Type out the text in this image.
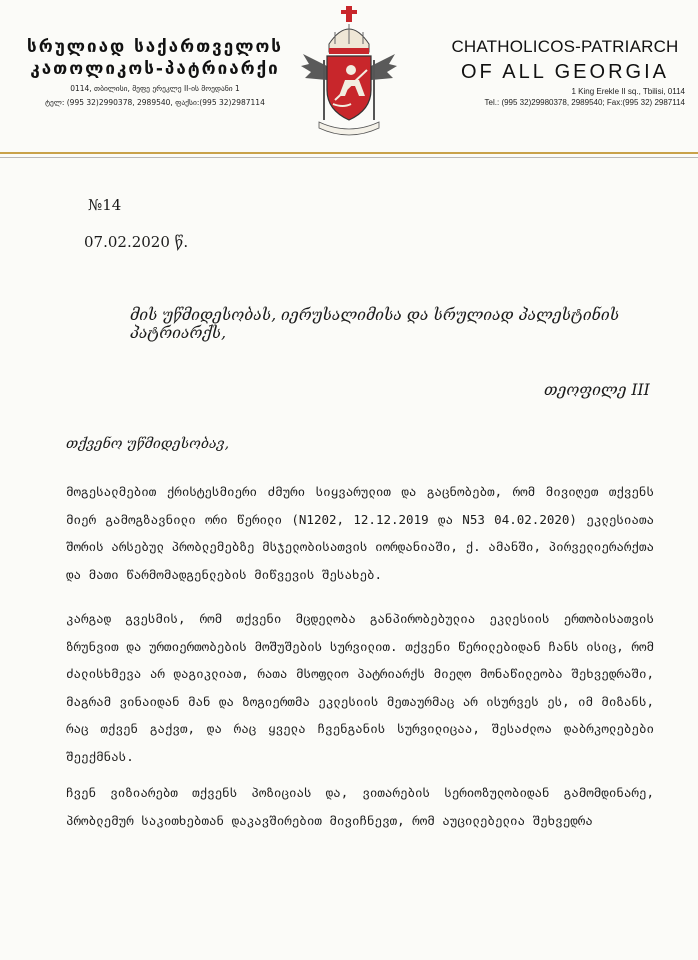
სრულიად საქართველოს
კათოლიკოს-პატრიარქი
0114, თბილისი, მეფე ერეკლე II-ის მოედანი 1
ტელ: (995 32)2990378, 2989540, ფაქსი:(995 32)2987114
CHATHOLICOS-PATRIARCH
OF ALL GEORGIA
1 King Erekle II sq., Tbilisi, 0114
Tel.: (995 32)29980378, 2989540; Fax:(995 32) 2987114
№14
07.02.2020 წ.
მის უწმიდესობას, იერუსალიმისა და სრულიად პალესტინის პატრიარქს,
თეოფილე III
თქვენო უწმიდესობავ,
მოგესალმებით ქრისტესმიერი ძმური სიყვარულით და გაცნობებთ, რომ მივიღეთ თქვენს მიერ გამოგზავნილი ორი წერილი (N1202, 12.12.2019 და N53 04.02.2020) ეკლესიათა შორის არსებულ პრობლემებზე მსჯელობისათვის იორდანიაში, ქ. ამანში, პირველიერარქთა და მათი წარმომადგენლების მიწვევის შესახებ.
კარგად გვესმის, რომ თქვენი მცდელობა განპირობებულია ეკლესიის ერთობისათვის ზრუნვით და ურთიერთობების მოშუშების სურვილით. თქვენი წერილებიდან ჩანს ისიც, რომ ძალისხმევა არ დაგიკლიათ, რათა მსოფლიო პატრიარქს მიეღო მონაწილეობა შეხვედრაში, მაგრამ ვინაიდან მან და ზოგიერთმა ეკლესიის მეთაურმაც არ ისურვეს ეს, იმ მიზანს, რაც თქვენ გაქვთ, და რაც ყველა ჩვენგანის სურვილიცაა, შესაძლოა დაბრკოლებები შეექმნას.
ჩვენ ვიზიარებთ თქვენს პოზიციას და, ვითარების სერიოზულობიდან გამომდინარე, პრობლემურ საკითხებთან დაკავშირებით მივიჩნევთ, რომ აუცილებელია შეხვედრა
